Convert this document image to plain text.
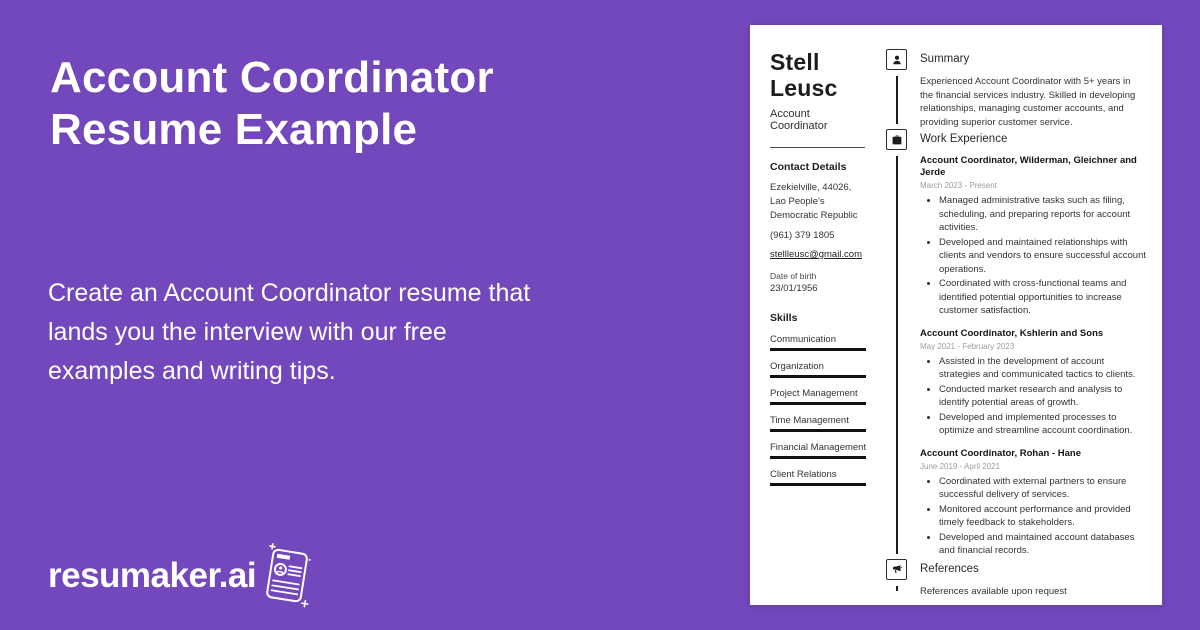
Account Coordinator Resume Example

Create an Account Coordinator resume that lands you the interview with our free examples and writing tips.

resumaker.ai
Stell Leusc
Account Coordinator
Contact Details
Ezekielville, 44026, Lao People's Democratic Republic
(961) 379 1805
stellleusc@gmail.com
Date of birth
23/01/1956
Skills
Communication
Organization
Project Management
Time Management
Financial Management
Client Relations
Summary
Experienced Account Coordinator with 5+ years in the financial services industry. Skilled in developing relationships, managing customer accounts, and providing superior customer service.
Work Experience
Account Coordinator, Wilderman, Gleichner and Jerde
March 2023 - Present
• Managed administrative tasks such as filing, scheduling, and preparing reports for account activities.
• Developed and maintained relationships with clients and vendors to ensure successful account operations.
• Coordinated with cross-functional teams and identified potential opportunities to increase customer satisfaction.
Account Coordinator, Kshlerin and Sons
May 2021 - February 2023
• Assisted in the development of account strategies and communicated tactics to clients.
• Conducted market research and analysis to identify potential areas of growth.
• Developed and implemented processes to optimize and streamline account coordination.
Account Coordinator, Rohan - Hane
June 2019 - April 2021
• Coordinated with external partners to ensure successful delivery of services.
• Monitored account performance and provided timely feedback to stakeholders.
• Developed and maintained account databases and financial records.
References
References available upon request
